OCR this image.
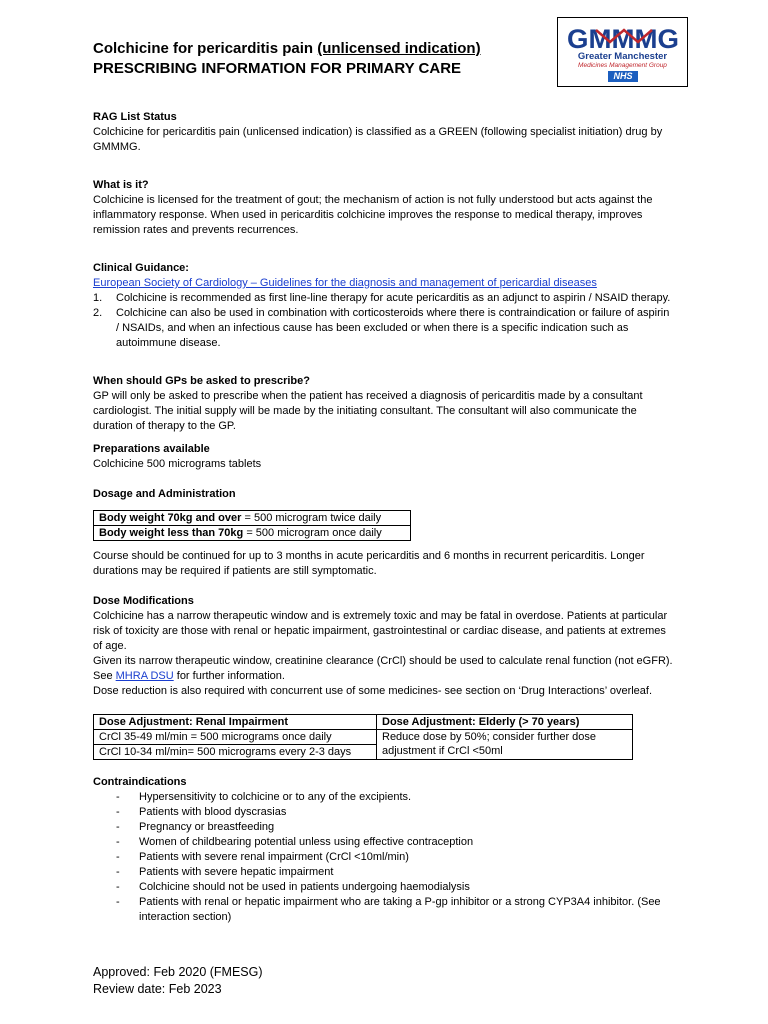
Colchicine for pericarditis pain (unlicensed indication)
PRESCRIBING INFORMATION FOR PRIMARY CARE
GMMMG
Greater Manchester
Medicines Management Group
NHS

RAG List Status

Colchicine for pericarditis pain (unlicensed indication) is classified as a GREEN (following specialist initiation) drug by GMMMG.

What is it?

Colchicine is licensed for the treatment of gout; the mechanism of action is not fully understood but acts against the inflammatory response. When used in pericarditis colchicine improves the response to medical therapy, improves remission rates and prevents recurrences.

Clinical Guidance:

European Society of Cardiology – Guidelines for the diagnosis and management of pericardial diseases

1. Colchicine is recommended as first line-line therapy for acute pericarditis as an adjunct to aspirin / NSAID therapy.
2. Colchicine can also be used in combination with corticosteroids where there is contraindication or failure of aspirin / NSAIDs, and when an infectious cause has been excluded or when there is a specific indication such as autoimmune disease.

When should GPs be asked to prescribe?

GP will only be asked to prescribe when the patient has received a diagnosis of pericarditis made by a consultant cardiologist. The initial supply will be made by the initiating consultant. The consultant will also communicate the duration of therapy to the GP.

Preparations available

Colchicine 500 micrograms tablets

Dosage and Administration

Body weight 70kg and over = 500 microgram twice daily
Body weight less than 70kg = 500 microgram once daily

Course should be continued for up to 3 months in acute pericarditis and 6 months in recurrent pericarditis. Longer durations may be required if patients are still symptomatic.

Dose Modifications

Colchicine has a narrow therapeutic window and is extremely toxic and may be fatal in overdose. Patients at particular risk of toxicity are those with renal or hepatic impairment, gastrointestinal or cardiac disease, and patients at extremes of age.

Given its narrow therapeutic window, creatinine clearance (CrCl) should be used to calculate renal function (not eGFR). See MHRA DSU for further information.

Dose reduction is also required with concurrent use of some medicines- see section on ‘Drug Interactions’ overleaf.

Dose Adjustment: Renal Impairment	Dose Adjustment: Elderly (> 70 years)

CrCl 35-49 ml/min = 500 micrograms once daily	Reduce dose by 50%; consider further dose adjustment if CrCl <50ml

CrCl 10-34 ml/min= 500 micrograms every 2-3 days	

Contraindications

- Hypersensitivity to colchicine or to any of the excipients.
- Patients with blood dyscrasias
- Pregnancy or breastfeeding
- Women of childbearing potential unless using effective contraception
- Patients with severe renal impairment (CrCl <10ml/min)
- Patients with severe hepatic impairment
- Colchicine should not be used in patients undergoing haemodialysis
- Patients with renal or hepatic impairment who are taking a P-gp inhibitor or a strong CYP3A4 inhibitor. (See interaction section)
Approved: Feb 2020 (FMESG)
Review date: Feb 2023
